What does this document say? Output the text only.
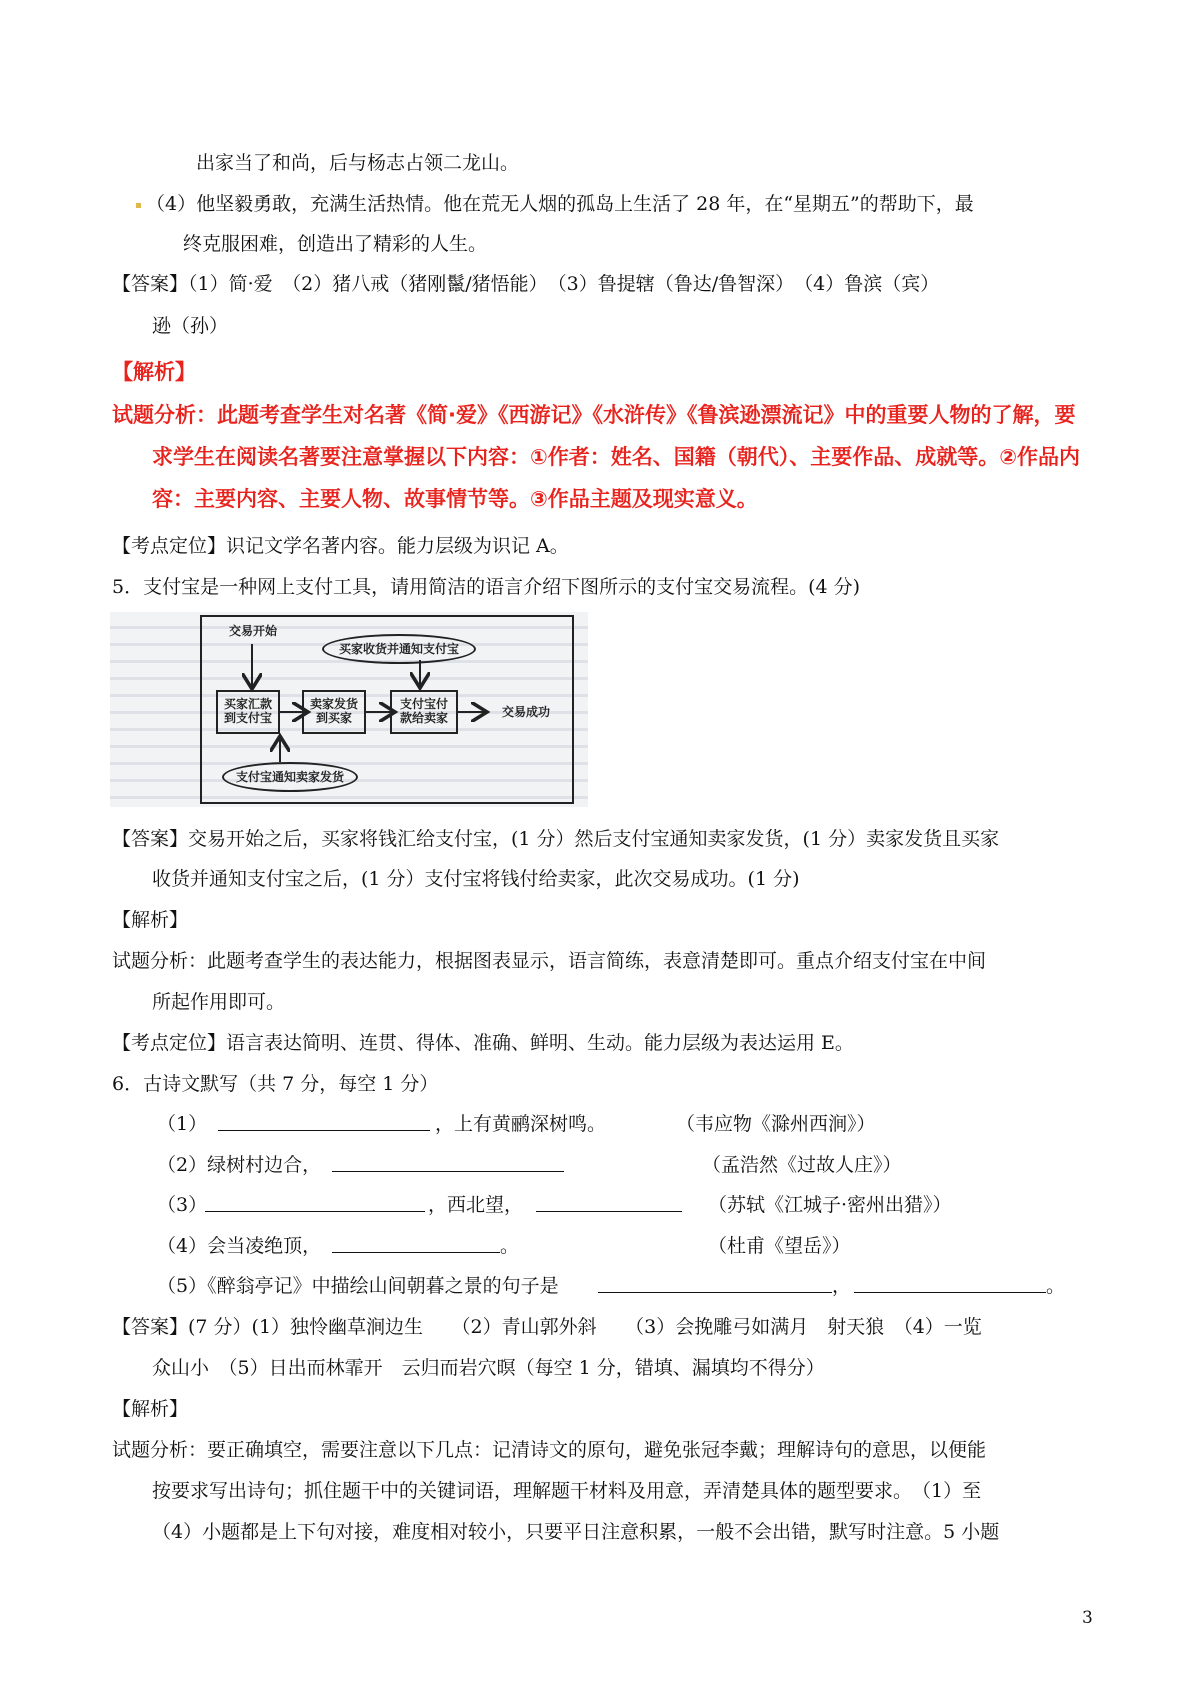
出家当了和尚，后与杨志占领二龙山。
（4）他坚毅勇敢，充满生活热情。他在荒无人烟的孤岛上生活了 28 年，在“星期五”的帮助下，最
终克服困难，创造出了精彩的人生。
【答案】（1）简·爱　（2）猪八戒（猪刚鬣/猪悟能）　（3）鲁提辖（鲁达/鲁智深）　（4）鲁滨（宾）
逊（孙）
【解析】
试题分析：此题考查学生对名著《简·爱》《西游记》《水浒传》《鲁滨逊漂流记》中的重要人物的了解，要
求学生在阅读名著要注意掌握以下内容：①作者：姓名、国籍（朝代）、主要作品、成就等。②作品内
容：主要内容、主要人物、故事情节等。③作品主题及现实意义。
【考点定位】识记文学名著内容。能力层级为识记 A。
5．支付宝是一种网上支付工具，请用简洁的语言介绍下图所示的支付宝交易流程。(4 分)
交易开始
买家汇款到支付宝
卖家发货到买家
支付宝付款给卖家	交易成功
买家收货并通知支付宝
支付宝通知卖家发货
【答案】交易开始之后，买家将钱汇给支付宝，(1 分）然后支付宝通知卖家发货，(1 分）卖家发货且买家
收货并通知支付宝之后，(1 分）支付宝将钱付给卖家，此次交易成功。(1 分)
【解析】
试题分析：此题考查学生的表达能力，根据图表显示，语言简练，表意清楚即可。重点介绍支付宝在中间
所起作用即可。
【考点定位】语言表达简明、连贯、得体、准确、鲜明、生动。能力层级为表达运用 E。
6．古诗文默写（共 7 分，每空 1 分）
（1）	，上有黄鹂深树鸣。	（韦应物《滁州西涧》）
（2）绿树村边合，	（孟浩然《过故人庄》）
（3）	，西北望，	（苏轼《江城子·密州出猎》）
（4）会当凌绝顶，	。	（杜甫《望岳》）
（5）《醉翁亭记》中描绘山间朝暮之景的句子是	，	。
【答案】(7 分）(1）独怜幽草涧边生　　（2）青山郭外斜　　（3）会挽雕弓如满月　射天狼　（4）一览
众山小　（5）日出而林霏开　云归而岩穴暝（每空 1 分，错填、漏填均不得分）
【解析】
试题分析：要正确填空，需要注意以下几点：记清诗文的原句，避免张冠李戴；理解诗句的意思，以便能
按要求写出诗句；抓住题干中的关键词语，理解题干材料及用意，弄清楚具体的题型要求。　（1）至
（4）小题都是上下句对接，难度相对较小，只要平日注意积累，一般不会出错，默写时注意。5 小题
3
